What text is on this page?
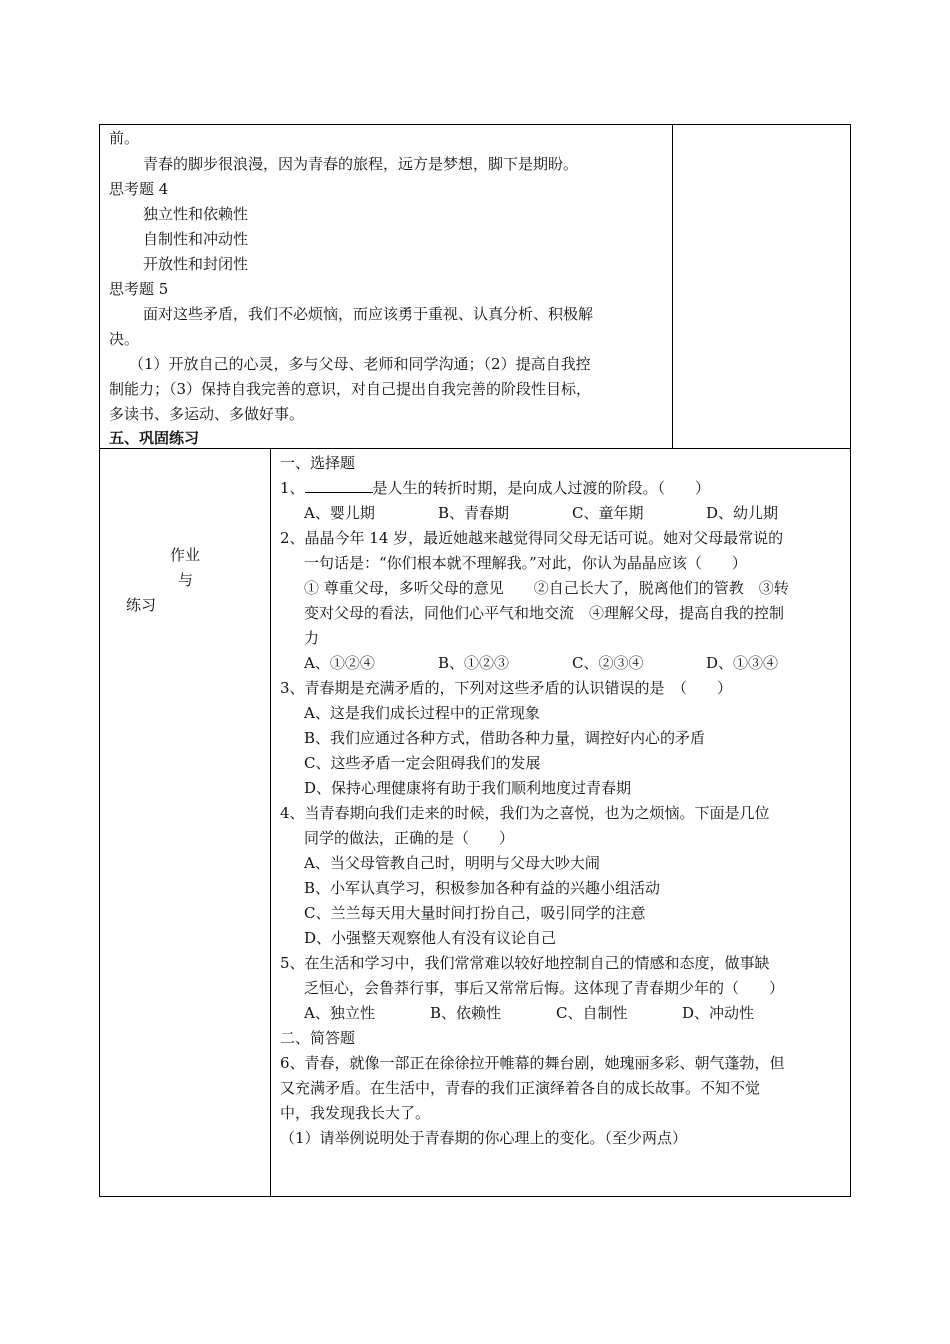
前。
青春的脚步很浪漫，因为青春的旅程，远方是梦想，脚下是期盼。
思考题 4
独立性和依赖性
自制性和冲动性
开放性和封闭性
思考题 5
面对这些矛盾，我们不必烦恼，而应该勇于重视、认真分析、积极解
决。
（1）开放自己的心灵，多与父母、老师和同学沟通；（2）提高自我控
制能力；（3）保持自我完善的意识，对自己提出自我完善的阶段性目标，
多读书、多运动、多做好事。
五、巩固练习
作业
与
练习
一、选择题
1、	是人生的转折时期，是向成人过渡的阶段。（　　）
A、婴儿期	B、青春期	C、童年期	D、幼儿期
2、晶晶今年 14 岁，最近她越来越觉得同父母无话可说。她对父母最常说的
一句话是：“你们根本就不理解我。”对此，你认为晶晶应该（　　）
① 尊重父母，多听父母的意见　　②自己长大了，脱离他们的管教　③转
变对父母的看法，同他们心平气和地交流　④理解父母，提高自我的控制
力
A、①②④	B、①②③	C、②③④	D、①③④
3、青春期是充满矛盾的，下列对这些矛盾的认识错误的是　（　　）
A、这是我们成长过程中的正常现象
B、我们应通过各种方式，借助各种力量，调控好内心的矛盾
C、这些矛盾一定会阻碍我们的发展
D、保持心理健康将有助于我们顺利地度过青春期
4、当青春期向我们走来的时候，我们为之喜悦，也为之烦恼。下面是几位
同学的做法，正确的是（　　）
A、当父母管教自己时，明明与父母大吵大闹
B、小军认真学习，积极参加各种有益的兴趣小组活动
C、兰兰每天用大量时间打扮自己，吸引同学的注意
D、小强整天观察他人有没有议论自己
5、在生活和学习中，我们常常难以较好地控制自己的情感和态度，做事缺
乏恒心，会鲁莽行事，事后又常常后悔。这体现了青春期少年的（　　）
A、独立性	B、依赖性	C、自制性	D、冲动性
二、简答题
6、青春，就像一部正在徐徐拉开帷幕的舞台剧，她瑰丽多彩、朝气蓬勃，但
又充满矛盾。在生活中，青春的我们正演绎着各自的成长故事。不知不觉
中，我发现我长大了。
（1）请举例说明处于青春期的你心理上的变化。（至少两点）
